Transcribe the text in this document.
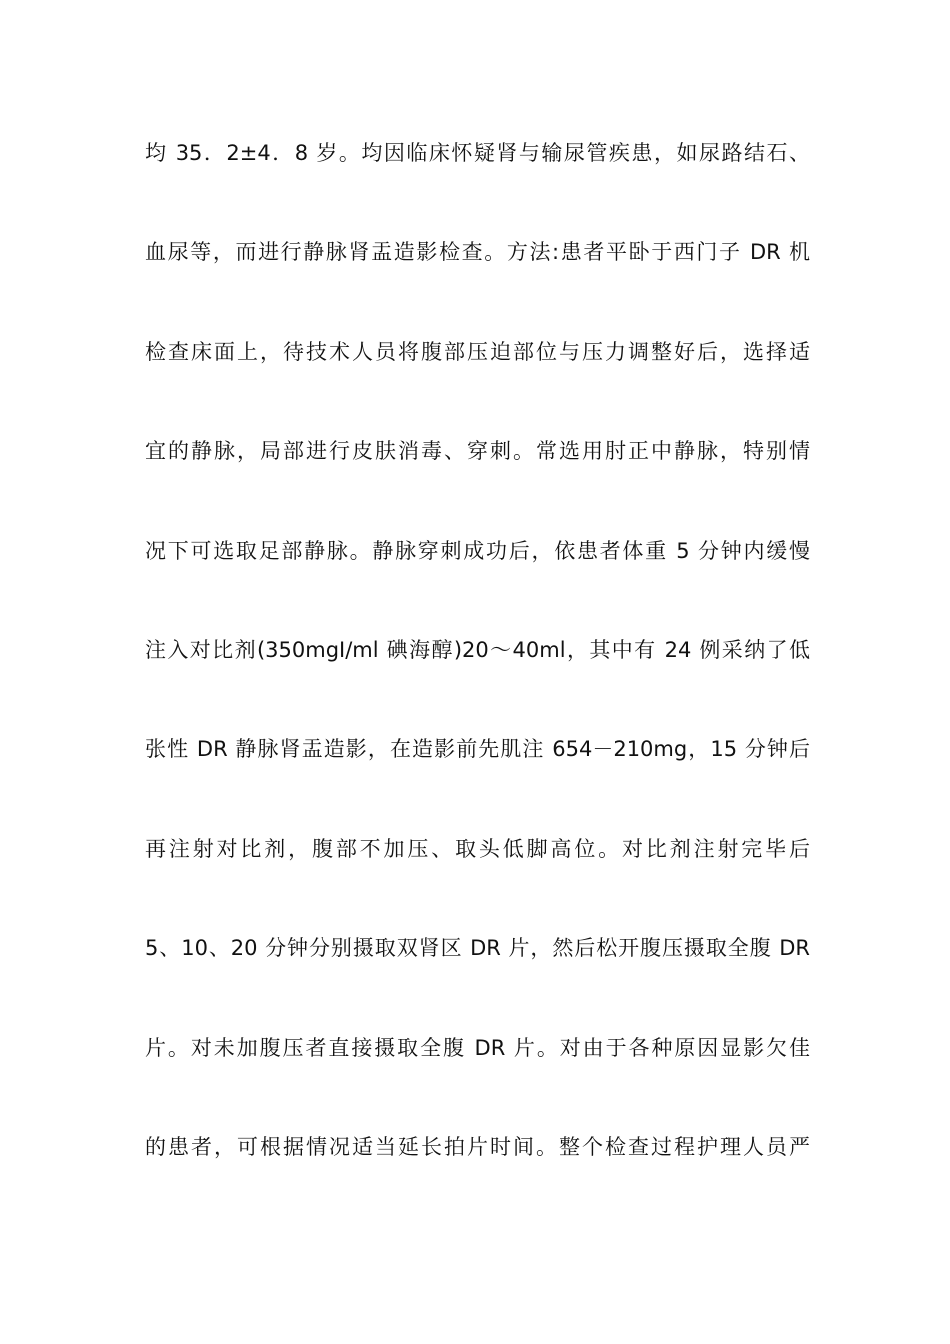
均 35．2±4．8 岁。均因临床怀疑肾与输尿管疾患，如尿路结石、
血尿等，而进行静脉肾盂造影检查。方法:患者平卧于西门子 DR 机
检查床面上，待技术人员将腹部压迫部位与压力调整好后，选择适
宜的静脉，局部进行皮肤消毒、穿刺。常选用肘正中静脉，特别情
况下可选取足部静脉。静脉穿刺成功后，依患者体重 5 分钟内缓慢
注入对比剂(350mgI/ml 碘海醇)20～40ml，其中有 24 例采纳了低
张性 DR 静脉肾盂造影，在造影前先肌注 654－210mg，15 分钟后
再注射对比剂，腹部不加压、取头低脚高位。对比剂注射完毕后
5、10、20 分钟分别摄取双肾区 DR 片，然后松开腹压摄取全腹 DR
片。对未加腹压者直接摄取全腹 DR 片。对由于各种原因显影欠佳
的患者，可根据情况适当延长拍片时间。整个检查过程护理人员严
